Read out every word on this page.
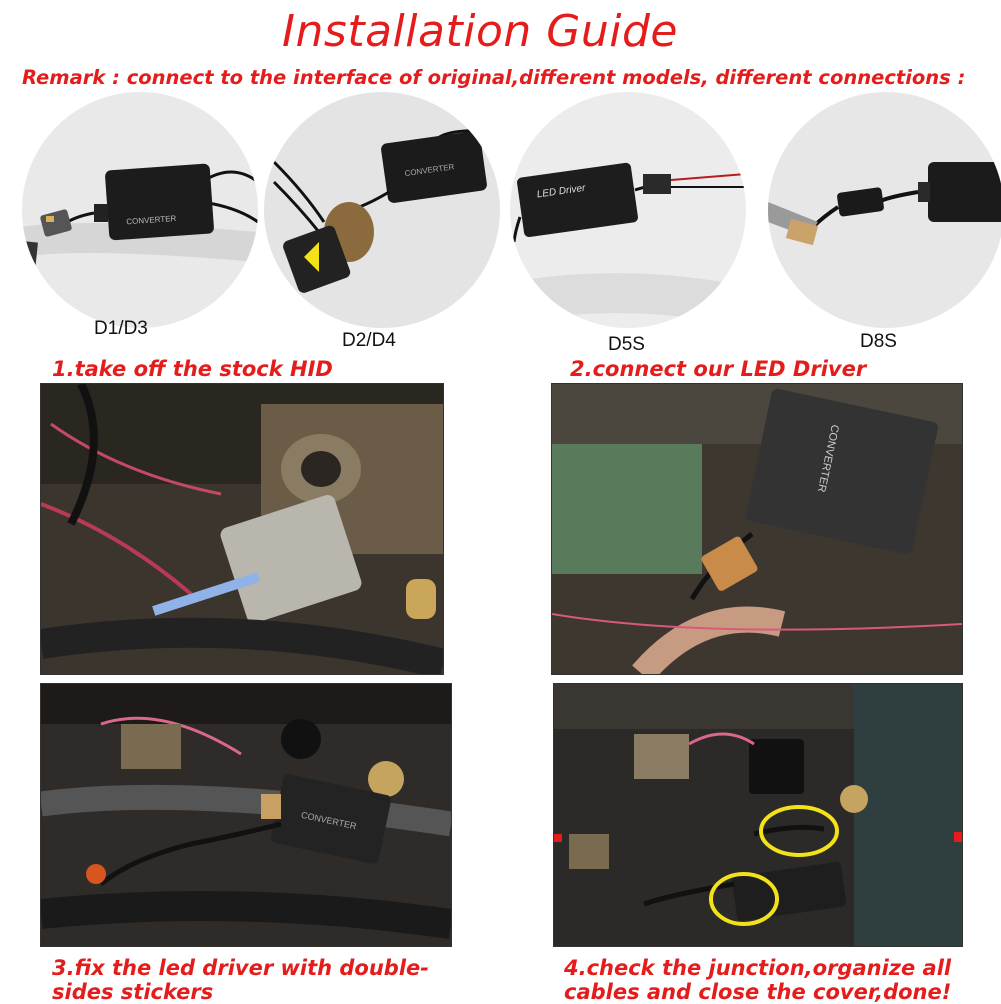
Installation Guide
Remark : connect to the interface of original,different models, different connections :
CONVERTER
D1/D3
CONVERTER
D2/D4
LED Driver
D5S	D8S
1.take off the stock HID	2.connect our LED Driver
CONVERTER
CONVERTER
3.fix the led driver with double-
sides stickers
4.check the junction,organize all
cables and close the cover,done!
